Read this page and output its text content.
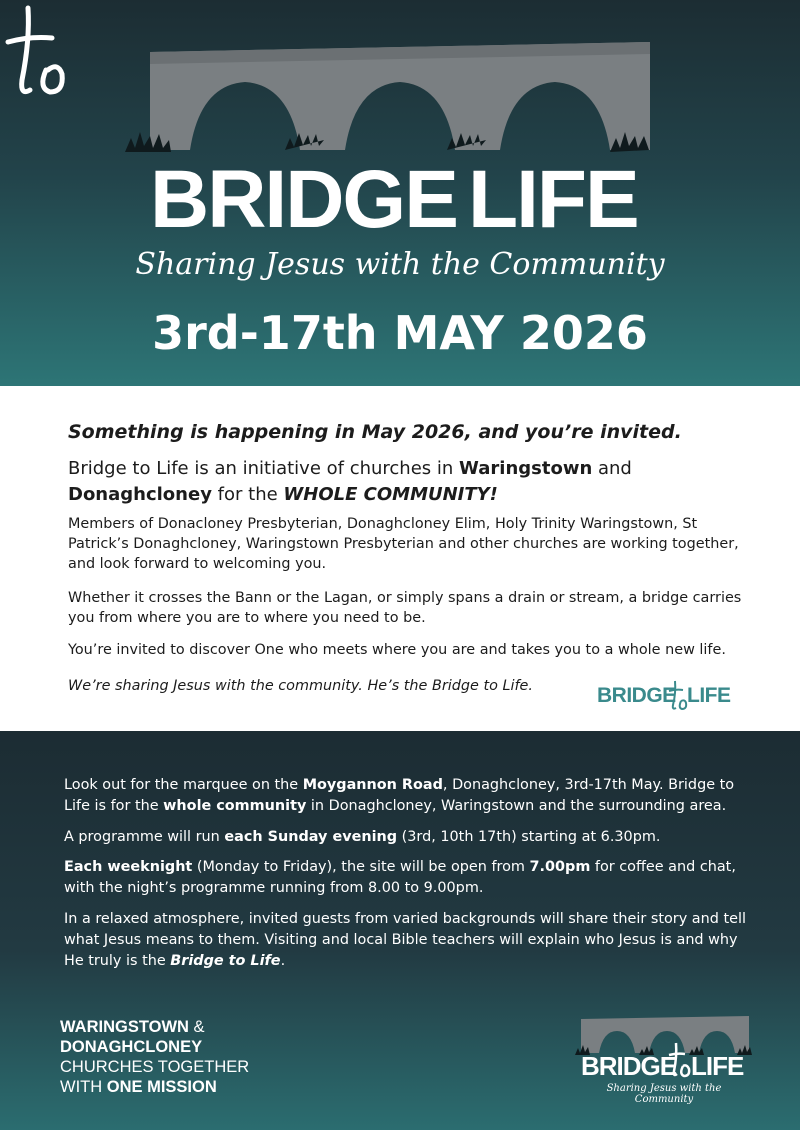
BRIDGE LIFE
Sharing Jesus with the Community
3rd-17th MAY 2026
Something is happening in May 2026, and you’re invited.
Bridge to Life is an initiative of churches in Waringstown and
Donaghcloney for the WHOLE COMMUNITY!
Members of Donacloney Presbyterian, Donaghcloney Elim, Holy Trinity Waringstown, St Patrick’s Donaghcloney, Waringstown Presbyterian and other churches are working together, and look forward to welcoming you.
Whether it crosses the Bann or the Lagan, or simply spans a drain or stream, a bridge carries you from where you are to where you need to be.
You’re invited to discover One who meets where you are and takes you to a whole new life.
We’re sharing Jesus with the community. He’s the Bridge to Life.	BRIDGE LIFE
Look out for the marquee on the Moygannon Road, Donaghcloney, 3rd-17th May. Bridge to Life is for the whole community in Donaghcloney, Waringstown and the surrounding area.
A programme will run each Sunday evening (3rd, 10th 17th) starting at 6.30pm.
Each weeknight (Monday to Friday), the site will be open from 7.00pm for coffee and chat, with the night’s programme running from 8.00 to 9.00pm.
In a relaxed atmosphere, invited guests from varied backgrounds will share their story and tell what Jesus means to them. Visiting and local Bible teachers will explain who Jesus is and why He truly is the Bridge to Life.
WARINGSTOWN &
DONAGHCLONEY
CHURCHES TOGETHER
WITH ONE MISSION
BRIDGE LIFE
Sharing Jesus with the Community
